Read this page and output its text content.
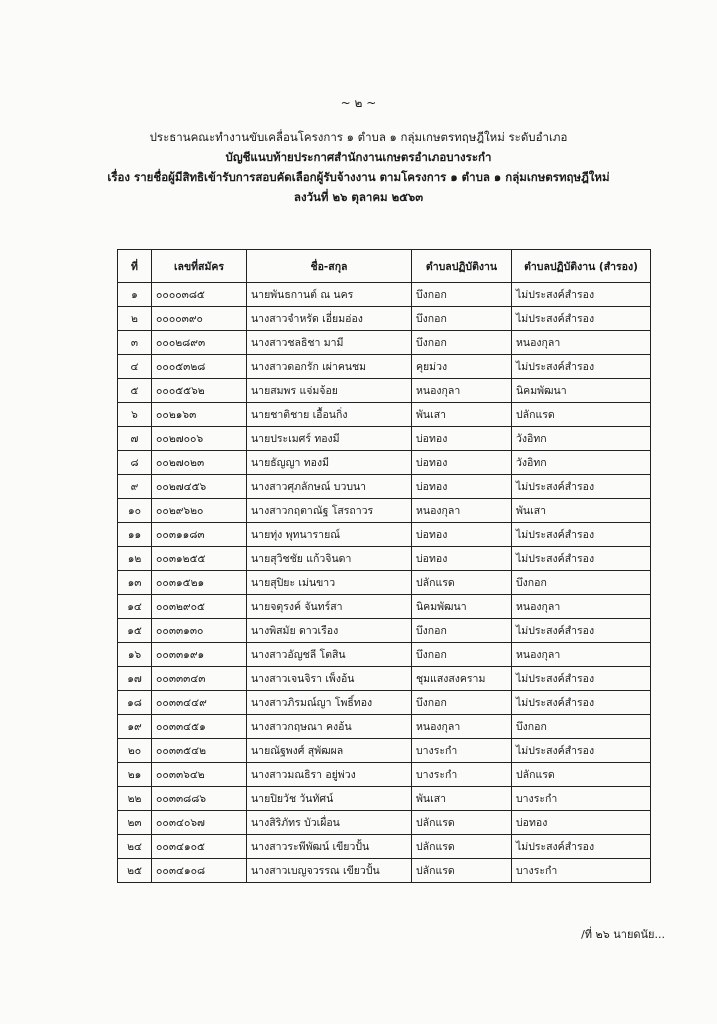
~ ๒ ~
ประธานคณะทำงานขับเคลื่อนโครงการ ๑ ตำบล ๑ กลุ่มเกษตรทฤษฎีใหม่ ระดับอำเภอ
บัญชีแนบท้ายประกาศสำนักงานเกษตรอำเภอบางระกำ
เรื่อง รายชื่อผู้มีสิทธิเข้ารับการสอบคัดเลือกผู้รับจ้างงาน ตามโครงการ ๑ ตำบล ๑ กลุ่มเกษตรทฤษฎีใหม่
ลงวันที่ ๒๖ ตุลาคม ๒๕๖๓
ที่	เลขที่สมัคร	ชื่อ-สกุล	ตำบลปฏิบัติงาน	ตำบลปฏิบัติงาน (สำรอง)
๑	๐๐๐๐๓๘๕	นายพันธกานต์ ณ นคร	บึงกอก	ไม่ประสงค์สำรอง
๒	๐๐๐๐๓๙๐	นางสาวจำหรัด เอี่ยมอ่อง	บึงกอก	ไม่ประสงค์สำรอง
๓	๐๐๐๒๘๙๓	นางสาวชลธิชา มามี	บึงกอก	หนองกุลา
๔	๐๐๐๕๓๒๘	นางสาวดอกรัก เผ่าคนชม	คุยม่วง	ไม่ประสงค์สำรอง
๕	๐๐๐๕๕๖๒	นายสมพร แจ่มจ้อย	หนองกุลา	นิคมพัฒนา
๖	๐๐๒๑๖๓	นายชาติชาย เอื้อนกิ่ง	พันเสา	ปลักแรด
๗	๐๐๒๗๐๐๖	นายประเมศร์ ทองมี	บ่อทอง	วังอิทก
๘	๐๐๒๗๐๒๓	นายธัญญา ทองมี	บ่อทอง	วังอิทก
๙	๐๐๒๗๔๕๖	นางสาวศุภลักษณ์ บวบนา	บ่อทอง	ไม่ประสงค์สำรอง
๑๐	๐๐๒๙๖๒๐	นางสาวกฤตาณัฐ โสรถาวร	หนองกุลา	พันเสา
๑๑	๐๐๓๑๑๘๓	นายทุ่ง พุทนารายณ์	บ่อทอง	ไม่ประสงค์สำรอง
๑๒	๐๐๓๑๒๕๕	นายสุวิชชัย แก้วจินดา	บ่อทอง	ไม่ประสงค์สำรอง
๑๓	๐๐๓๑๕๒๑	นายสุปิยะ เม่นขาว	ปลักแรด	บึงกอก
๑๔	๐๐๓๒๙๐๕	นายจตุรงค์ จันทร์สา	นิคมพัฒนา	หนองกุลา
๑๕	๐๐๓๓๑๓๐	นางพิสมัย ดาวเรือง	บึงกอก	ไม่ประสงค์สำรอง
๑๖	๐๐๓๓๑๙๑	นางสาวอัญชลี โตสิน	บึงกอก	หนองกุลา
๑๗	๐๐๓๓๓๔๓	นางสาวเจนจิรา เพ็งอ้น	ชุมแสงสงคราม	ไม่ประสงค์สำรอง
๑๘	๐๐๓๓๔๔๙	นางสาวภิรมณ์ญา โพธิ์ทอง	บึงกอก	ไม่ประสงค์สำรอง
๑๙	๐๐๓๓๔๕๑	นางสาวกฤษณา คงอ้น	หนองกุลา	บึงกอก
๒๐	๐๐๓๓๕๔๒	นายณัฐพงศ์ สุพัฒผล	บางระกำ	ไม่ประสงค์สำรอง
๒๑	๐๐๓๓๖๔๒	นางสาวมณธิรา อยู่พ่วง	บางระกำ	ปลักแรด
๒๒	๐๐๓๓๘๘๖	นายปิยวัช วันทัศน์	พันเสา	บางระกำ
๒๓	๐๐๓๔๐๖๗	นางสิริภัทร บัวเผื่อน	ปลักแรด	บ่อทอง
๒๔	๐๐๓๔๑๐๕	นางสาวระพีพัฒน์ เขียวปั้น	ปลักแรด	ไม่ประสงค์สำรอง
๒๕	๐๐๓๔๑๐๘	นางสาวเบญจวรรณ เขียวปั้น	ปลักแรด	บางระกำ
/ที่ ๒๖ นายดนัย...
